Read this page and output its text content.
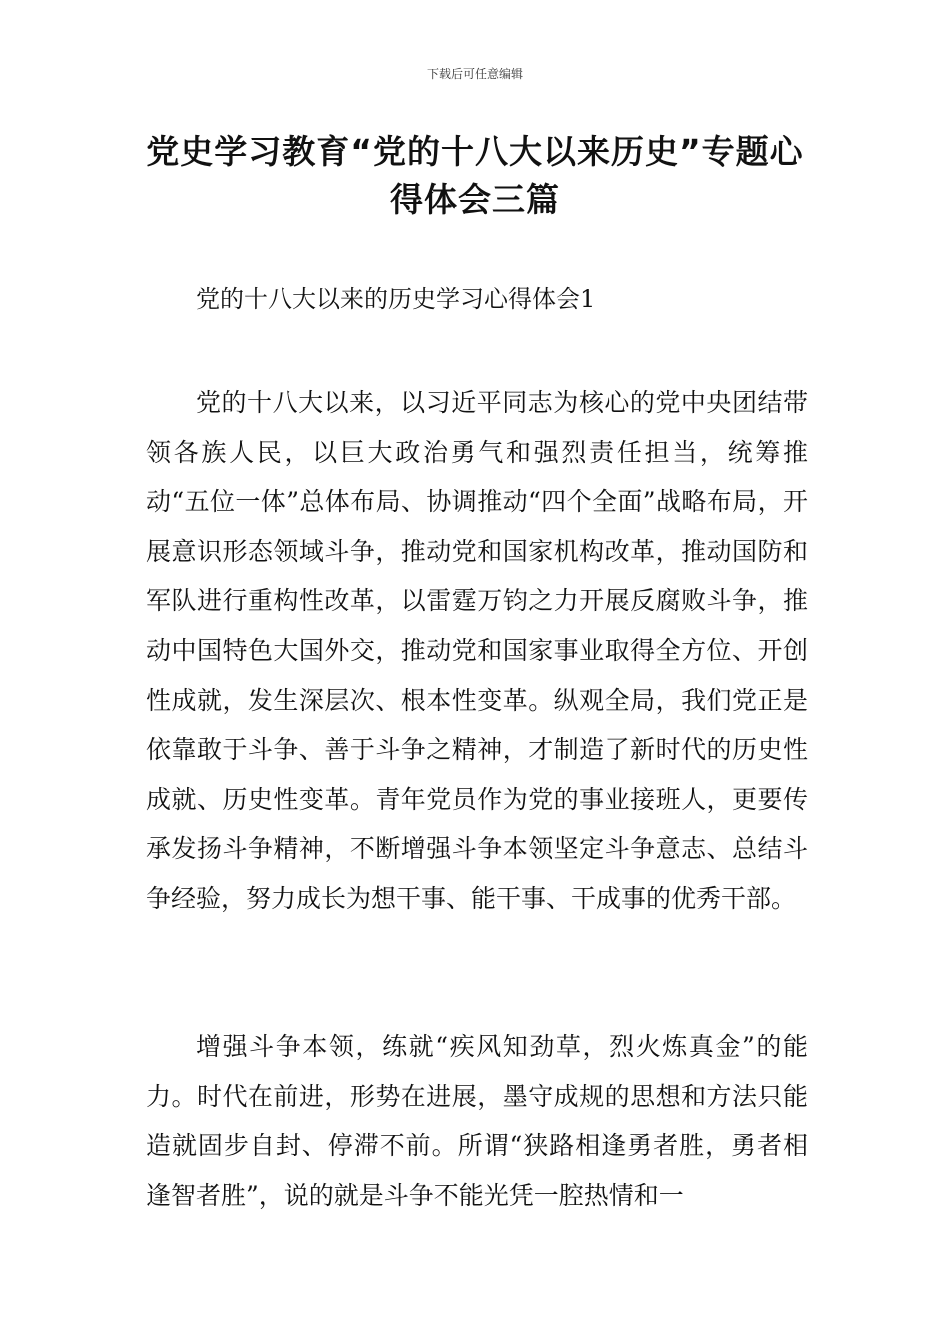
下载后可任意编辑
党史学习教育“党的十八大以来历史”专题心得体会三篇
党的十八大以来的历史学习心得体会1

党的十八大以来，以习近平同志为核心的党中央团结带领各族人民，以巨大政治勇气和强烈责任担当，统筹推动“五位一体”总体布局、协调推动“四个全面”战略布局，开展意识形态领域斗争，推动党和国家机构改革，推动国防和军队进行重构性改革，以雷霆万钧之力开展反腐败斗争，推动中国特色大国外交，推动党和国家事业取得全方位、开创性成就，发生深层次、根本性变革。纵观全局，我们党正是依靠敢于斗争、善于斗争之精神，才制造了新时代的历史性成就、历史性变革。青年党员作为党的事业接班人，更要传承发扬斗争精神，不断增强斗争本领坚定斗争意志、总结斗争经验，努力成长为想干事、能干事、干成事的优秀干部。

增强斗争本领，练就“疾风知劲草，烈火炼真金”的能力。时代在前进，形势在进展，墨守成规的思想和方法只能造就固步自封、停滞不前。所谓“狭路相逢勇者胜，勇者相逢智者胜”，说的就是斗争不能光凭一腔热情和一
